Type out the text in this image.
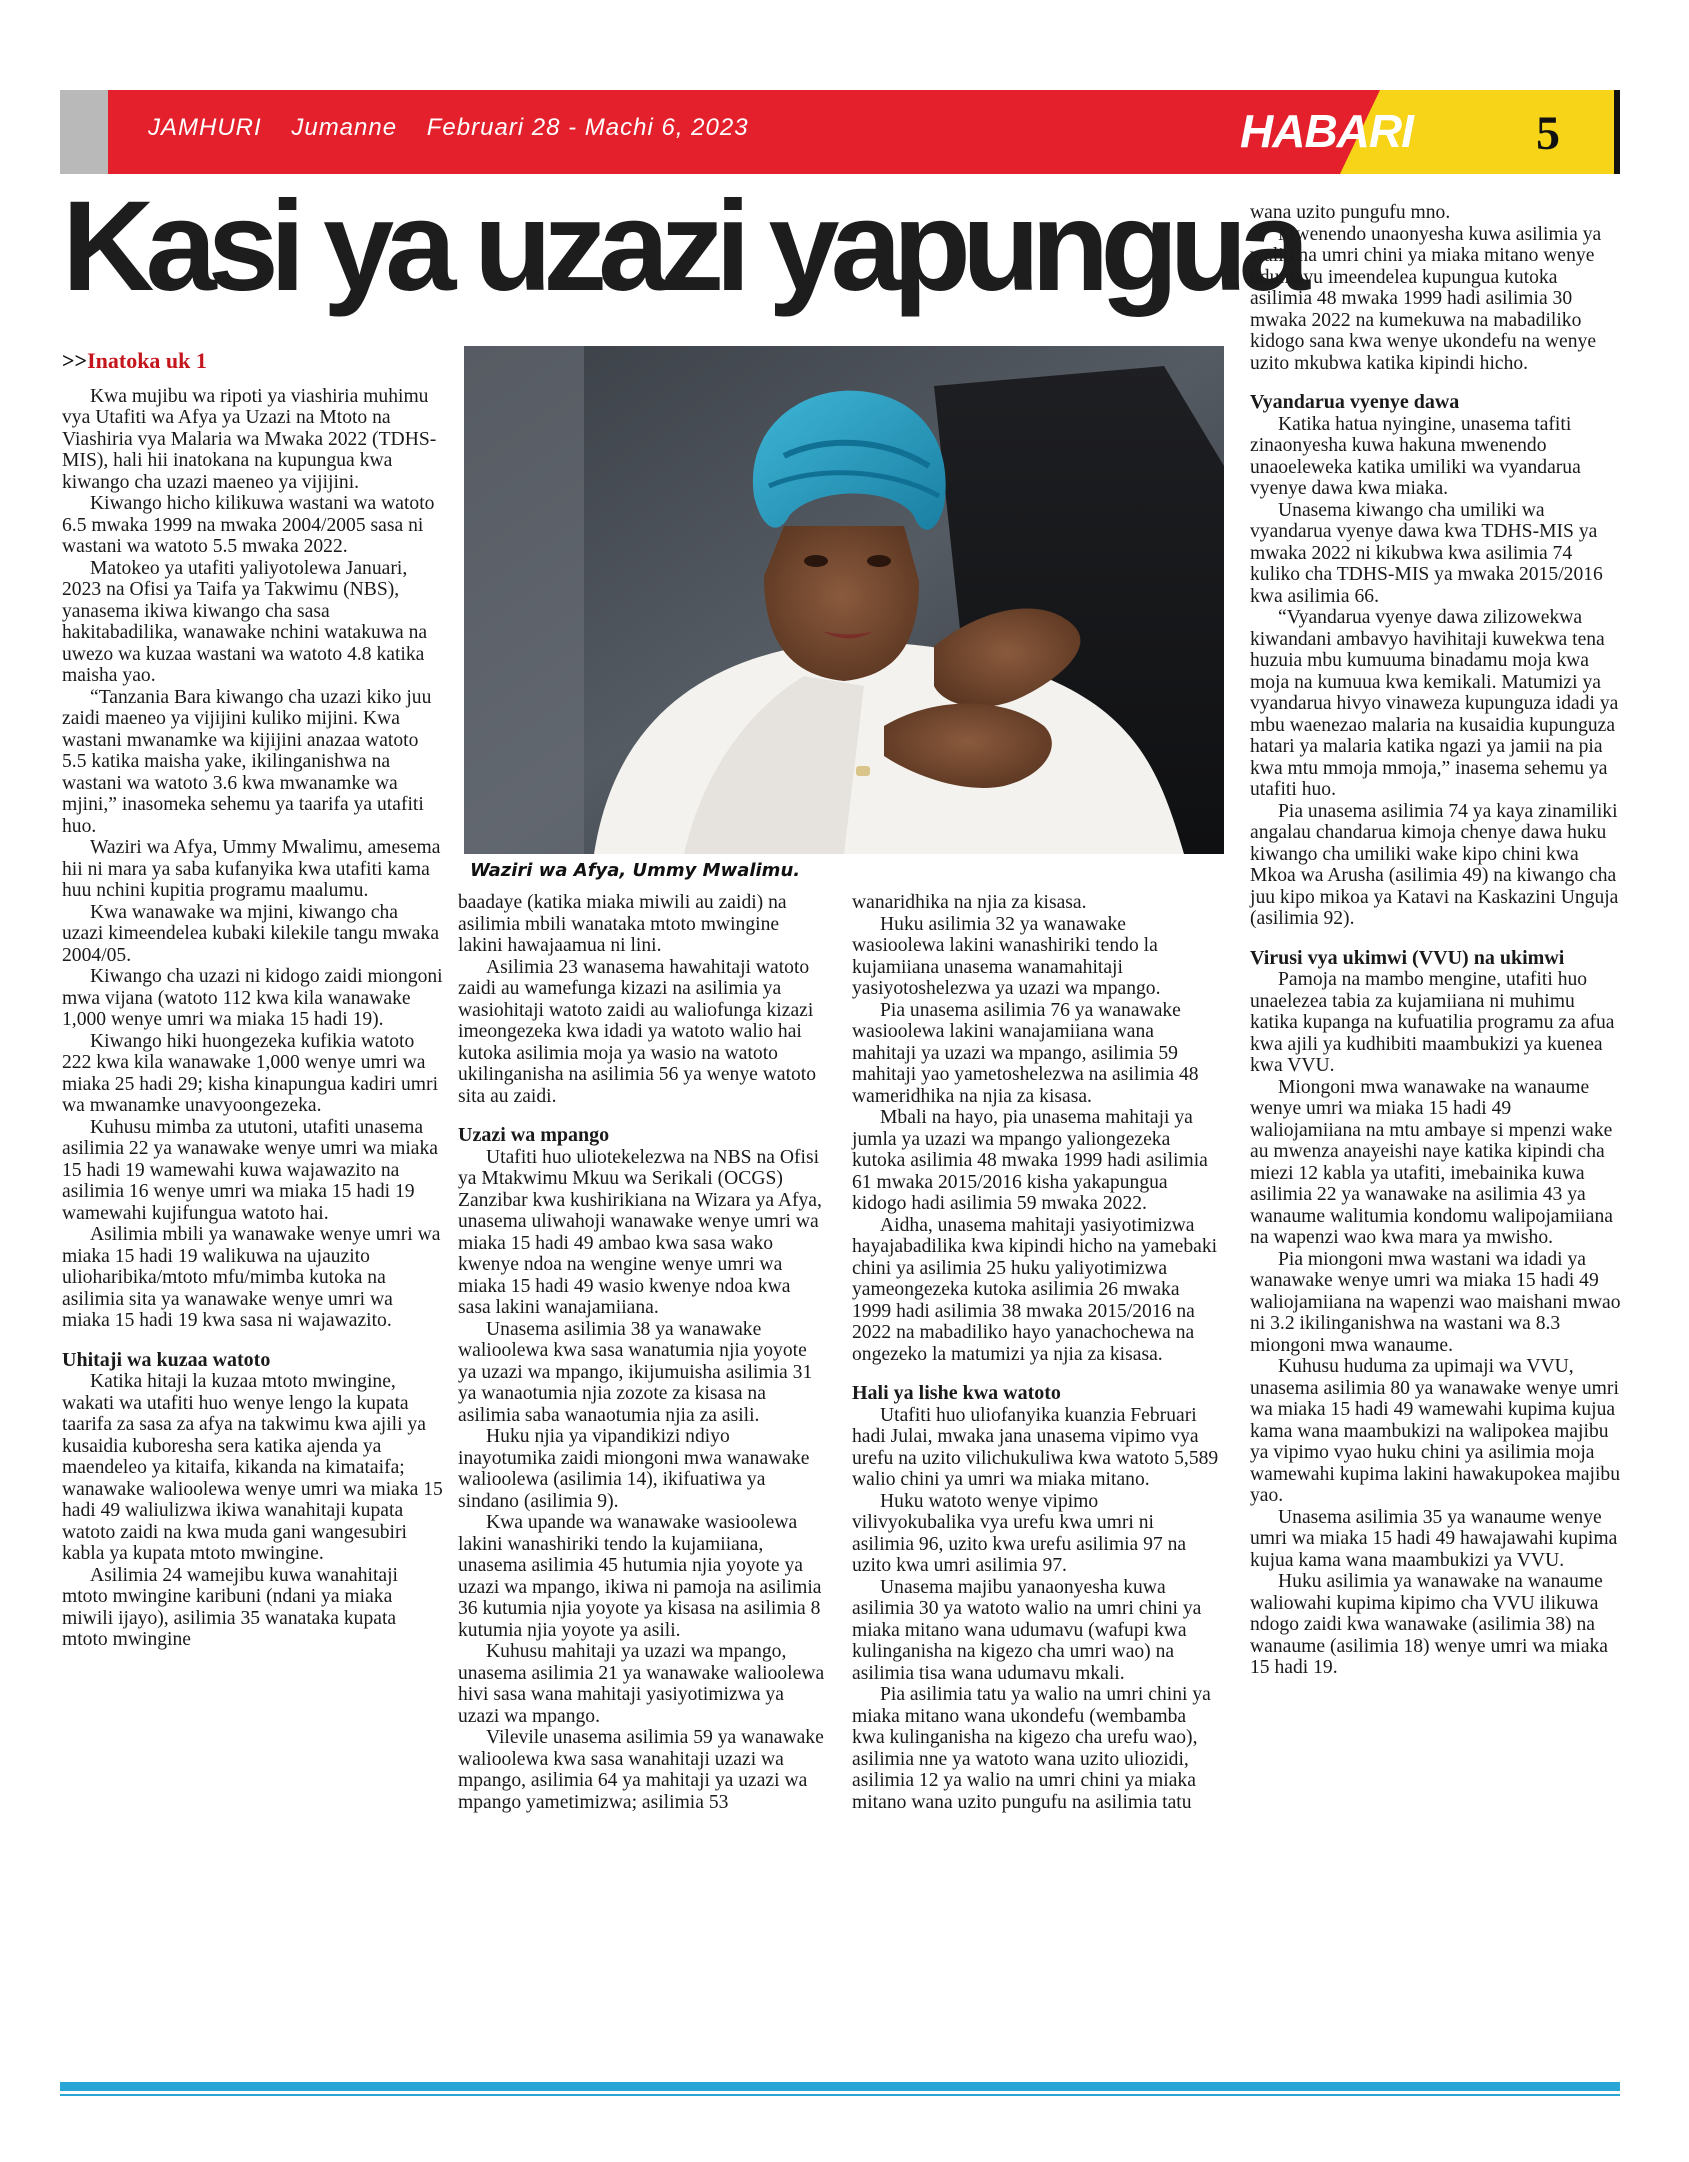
JAMHURI Jumanne Februari 28 - Machi 6, 2023	HABARI	5
Kasi ya uzazi yapungua
Waziri wa Afya, Ummy Mwalimu.

>>Inatoka uk 1

Kwa mujibu wa ripoti ya viashiria muhimu vya Utafiti wa Afya ya Uzazi na Mtoto na Viashiria vya Malaria wa Mwaka 2022 (TDHS-MIS), hali hii inatokana na kupungua kwa kiwango cha uzazi maeneo ya vijijini.

Kiwango hicho kilikuwa wastani wa watoto 6.5 mwaka 1999 na mwaka 2004/2005 sasa ni wastani wa watoto 5.5 mwaka 2022.

Matokeo ya utafiti yaliyotolewa Januari, 2023 na Ofisi ya Taifa ya Takwimu (NBS), yanasema ikiwa kiwango cha sasa hakitabadilika, wanawake nchini watakuwa na uwezo wa kuzaa wastani wa watoto 4.8 katika maisha yao.

“Tanzania Bara kiwango cha uzazi kiko juu zaidi maeneo ya vijijini kuliko mijini. Kwa wastani mwanamke wa kijijini anazaa watoto 5.5 katika maisha yake, ikilinganishwa na wastani wa watoto 3.6 kwa mwanamke wa mjini,” inasomeka sehemu ya taarifa ya utafiti huo.

Waziri wa Afya, Ummy Mwalimu, amesema hii ni mara ya saba kufanyika kwa utafiti kama huu nchini kupitia programu maalumu.

Kwa wanawake wa mjini, kiwango cha uzazi kimeendelea kubaki kilekile tangu mwaka 2004/05.

Kiwango cha uzazi ni kidogo zaidi miongoni mwa vijana (watoto 112 kwa kila wanawake 1,000 wenye umri wa miaka 15 hadi 19).

Kiwango hiki huongezeka kufikia watoto 222 kwa kila wanawake 1,000 wenye umri wa miaka 25 hadi 29; kisha kinapungua kadiri umri wa mwanamke unavyoongezeka.

Kuhusu mimba za ututoni, utafiti unasema asilimia 22 ya wanawake wenye umri wa miaka 15 hadi 19 wamewahi kuwa wajawazito na asilimia 16 wenye umri wa miaka 15 hadi 19 wamewahi kujifungua watoto hai.

Asilimia mbili ya wanawake wenye umri wa miaka 15 hadi 19 walikuwa na ujauzito ulioharibika/mtoto mfu/mimba kutoka na asilimia sita ya wanawake wenye umri wa miaka 15 hadi 19 kwa sasa ni wajawazito.

Uhitaji wa kuzaa watoto

Katika hitaji la kuzaa mtoto mwingine, wakati wa utafiti huo wenye lengo la kupata taarifa za sasa za afya na takwimu kwa ajili ya kusaidia kuboresha sera katika ajenda ya maendeleo ya kitaifa, kikanda na kimataifa; wanawake walioolewa wenye umri wa miaka 15 hadi 49 waliulizwa ikiwa wanahitaji kupata watoto zaidi na kwa muda gani wangesubiri kabla ya kupata mtoto mwingine.

Asilimia 24 wamejibu kuwa wanahitaji mtoto mwingine karibuni (ndani ya miaka miwili ijayo), asilimia 35 wanataka kupata mtoto mwingine

baadaye (katika miaka miwili au zaidi) na asilimia mbili wanataka mtoto mwingine lakini hawajaamua ni lini.

Asilimia 23 wanasema hawahitaji watoto zaidi au wamefunga kizazi na asilimia ya wasiohitaji watoto zaidi au waliofunga kizazi imeongezeka kwa idadi ya watoto walio hai kutoka asilimia moja ya wasio na watoto ukilinganisha na asilimia 56 ya wenye watoto sita au zaidi.

Uzazi wa mpango

Utafiti huo uliotekelezwa na NBS na Ofisi ya Mtakwimu Mkuu wa Serikali (OCGS) Zanzibar kwa kushirikiana na Wizara ya Afya, unasema uliwahoji wanawake wenye umri wa miaka 15 hadi 49 ambao kwa sasa wako kwenye ndoa na wengine wenye umri wa miaka 15 hadi 49 wasio kwenye ndoa kwa sasa lakini wanajamiiana.

Unasema asilimia 38 ya wanawake walioolewa kwa sasa wanatumia njia yoyote ya uzazi wa mpango, ikijumuisha asilimia 31 ya wanaotumia njia zozote za kisasa na asilimia saba wanaotumia njia za asili.

Huku njia ya vipandikizi ndiyo inayotumika zaidi miongoni mwa wanawake walioolewa (asilimia 14), ikifuatiwa ya sindano (asilimia 9).

Kwa upande wa wanawake wasioolewa lakini wanashiriki tendo la kujamiiana, unasema asilimia 45 hutumia njia yoyote ya uzazi wa mpango, ikiwa ni pamoja na asilimia 36 kutumia njia yoyote ya kisasa na asilimia 8 kutumia njia yoyote ya asili.

Kuhusu mahitaji ya uzazi wa mpango, unasema asilimia 21 ya wanawake walioolewa hivi sasa wana mahitaji yasiyotimizwa ya uzazi wa mpango.

Vilevile unasema asilimia 59 ya wanawake walioolewa kwa sasa wanahitaji uzazi wa mpango, asilimia 64 ya mahitaji ya uzazi wa mpango yametimizwa; asilimia 53

wanaridhika na njia za kisasa.

Huku asilimia 32 ya wanawake wasioolewa lakini wanashiriki tendo la kujamiiana unasema wanamahitaji yasiyotoshelezwa ya uzazi wa mpango.

Pia unasema asilimia 76 ya wanawake wasioolewa lakini wanajamiiana wana mahitaji ya uzazi wa mpango, asilimia 59 mahitaji yao yametoshelezwa na asilimia 48 wameridhika na njia za kisasa.

Mbali na hayo, pia unasema mahitaji ya jumla ya uzazi wa mpango yaliongezeka kutoka asilimia 48 mwaka 1999 hadi asilimia 61 mwaka 2015/2016 kisha yakapungua kidogo hadi asilimia 59 mwaka 2022.

Aidha, unasema mahitaji yasiyotimizwa hayajabadilika kwa kipindi hicho na yamebaki chini ya asilimia 25 huku yaliyotimizwa yameongezeka kutoka asilimia 26 mwaka 1999 hadi asilimia 38 mwaka 2015/2016 na 2022 na mabadiliko hayo yanachochewa na ongezeko la matumizi ya njia za kisasa.

Hali ya lishe kwa watoto

Utafiti huo uliofanyika kuanzia Februari hadi Julai, mwaka jana unasema vipimo vya urefu na uzito vilichukuliwa kwa watoto 5,589 walio chini ya umri wa miaka mitano.

Huku watoto wenye vipimo vilivyokubalika vya urefu kwa umri ni asilimia 96, uzito kwa urefu asilimia 97 na uzito kwa umri asilimia 97.

Unasema majibu yanaonyesha kuwa asilimia 30 ya watoto walio na umri chini ya miaka mitano wana udumavu (wafupi kwa kulinganisha na kigezo cha umri wao) na asilimia tisa wana udumavu mkali.

Pia asilimia tatu ya walio na umri chini ya miaka mitano wana ukondefu (wembamba kwa kulinganisha na kigezo cha urefu wao), asilimia nne ya watoto wana uzito uliozidi, asilimia 12 ya walio na umri chini ya miaka mitano wana uzito pungufu na asilimia tatu

wana uzito pungufu mno.

Mwenendo unaonyesha kuwa asilimia ya walio na umri chini ya miaka mitano wenye udumavu imeendelea kupungua kutoka asilimia 48 mwaka 1999 hadi asilimia 30 mwaka 2022 na kumekuwa na mabadiliko kidogo sana kwa wenye ukondefu na wenye uzito mkubwa katika kipindi hicho.

Vyandarua vyenye dawa

Katika hatua nyingine, unasema tafiti zinaonyesha kuwa hakuna mwenendo unaoeleweka katika umiliki wa vyandarua vyenye dawa kwa miaka.

Unasema kiwango cha umiliki wa vyandarua vyenye dawa kwa TDHS-MIS ya mwaka 2022 ni kikubwa kwa asilimia 74 kuliko cha TDHS-MIS ya mwaka 2015/2016 kwa asilimia 66.

“Vyandarua vyenye dawa zilizowekwa kiwandani ambavyo havihitaji kuwekwa tena huzuia mbu kumuuma binadamu moja kwa moja na kumuua kwa kemikali. Matumizi ya vyandarua hivyo vinaweza kupunguza idadi ya mbu waenezao malaria na kusaidia kupunguza hatari ya malaria katika ngazi ya jamii na pia kwa mtu mmoja mmoja,” inasema sehemu ya utafiti huo.

Pia unasema asilimia 74 ya kaya zinamiliki angalau chandarua kimoja chenye dawa huku kiwango cha umiliki wake kipo chini kwa Mkoa wa Arusha (asilimia 49) na kiwango cha juu kipo mikoa ya Katavi na Kaskazini Unguja (asilimia 92).

Virusi vya ukimwi (VVU) na ukimwi

Pamoja na mambo mengine, utafiti huo unaelezea tabia za kujamiiana ni muhimu katika kupanga na kufuatilia programu za afua kwa ajili ya kudhibiti maambukizi ya kuenea kwa VVU.

Miongoni mwa wanawake na wanaume wenye umri wa miaka 15 hadi 49 waliojamiiana na mtu ambaye si mpenzi wake au mwenza anayeishi naye katika kipindi cha miezi 12 kabla ya utafiti, imebainika kuwa asilimia 22 ya wanawake na asilimia 43 ya wanaume walitumia kondomu walipojamiiana na wapenzi wao kwa mara ya mwisho.

Pia miongoni mwa wastani wa idadi ya wanawake wenye umri wa miaka 15 hadi 49 waliojamiiana na wapenzi wao maishani mwao ni 3.2 ikilinganishwa na wastani wa 8.3 miongoni mwa wanaume.

Kuhusu huduma za upimaji wa VVU, unasema asilimia 80 ya wanawake wenye umri wa miaka 15 hadi 49 wamewahi kupima kujua kama wana maambukizi na walipokea majibu ya vipimo vyao huku chini ya asilimia moja wamewahi kupima lakini hawakupokea majibu yao.

Unasema asilimia 35 ya wanaume wenye umri wa miaka 15 hadi 49 hawajawahi kupima kujua kama wana maambukizi ya VVU.

Huku asilimia ya wanawake na wanaume waliowahi kupima kipimo cha VVU ilikuwa ndogo zaidi kwa wanawake (asilimia 38) na wanaume (asilimia 18) wenye umri wa miaka 15 hadi 19.
